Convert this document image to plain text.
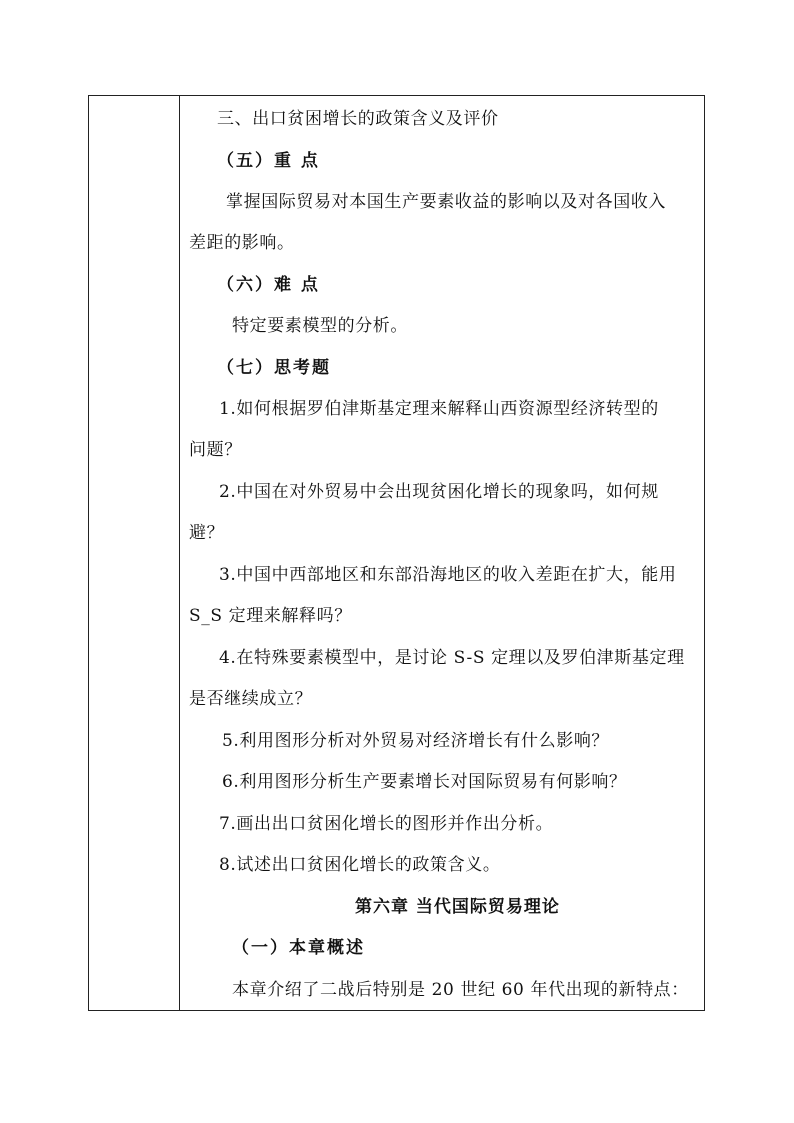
三、出口贫困增长的政策含义及评价
（五）重 点
掌握国际贸易对本国生产要素收益的影响以及对各国收入
差距的影响。
（六）难 点
特定要素模型的分析。
（七）思考题
1.如何根据罗伯津斯基定理来解释山西资源型经济转型的
问题？
2.中国在对外贸易中会出现贫困化增长的现象吗，如何规
避？
3.中国中西部地区和东部沿海地区的收入差距在扩大，能用
S_S 定理来解释吗？
4.在特殊要素模型中，是讨论 S-S 定理以及罗伯津斯基定理
是否继续成立？
5.利用图形分析对外贸易对经济增长有什么影响？
6.利用图形分析生产要素增长对国际贸易有何影响？
7.画出出口贫困化增长的图形并作出分析。
8.试述出口贫困化增长的政策含义。
第六章 当代国际贸易理论
（一）本章概述
本章介绍了二战后特别是 20 世纪 60 年代出现的新特点：
